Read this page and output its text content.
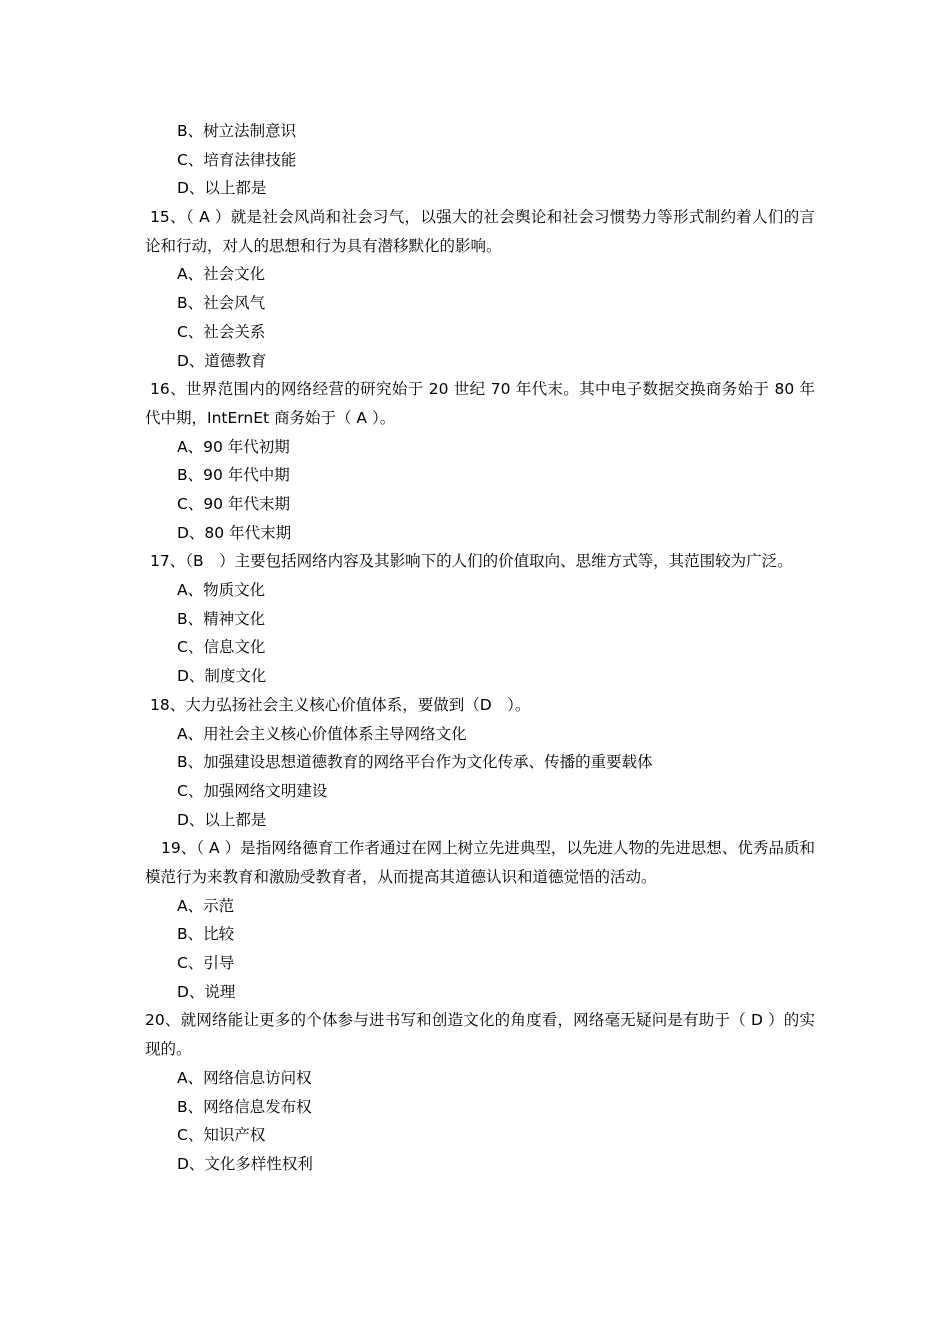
B、树立法制意识
C、培育法律技能
D、以上都是
15、（ A ）就是社会风尚和社会习气，以强大的社会舆论和社会习惯势力等形式制约着人们的言论和行动，对人的思想和行为具有潜移默化的影响。
A、社会文化
B、社会风气
C、社会关系
D、道德教育
16、世界范围内的网络经营的研究始于 20 世纪 70 年代末。其中电子数据交换商务始于 80 年代中期，IntErnEt 商务始于（ A ）。
A、90 年代初期
B、90 年代中期
C、90 年代末期
D、80 年代末期
17、（B　）主要包括网络内容及其影响下的人们的价值取向、思维方式等，其范围较为广泛。
A、物质文化
B、精神文化
C、信息文化
D、制度文化
18、大力弘扬社会主义核心价值体系，要做到（D　）。
A、用社会主义核心价值体系主导网络文化
B、加强建设思想道德教育的网络平台作为文化传承、传播的重要载体
C、加强网络文明建设
D、以上都是
19、（ A ）是指网络德育工作者通过在网上树立先进典型，以先进人物的先进思想、优秀品质和模范行为来教育和激励受教育者，从而提高其道德认识和道德觉悟的活动。
A、示范
B、比较
C、引导
D、说理
20、就网络能让更多的个体参与进书写和创造文化的角度看，网络毫无疑问是有助于（ D ）的实现的。
A、网络信息访问权
B、网络信息发布权
C、知识产权
D、文化多样性权利
